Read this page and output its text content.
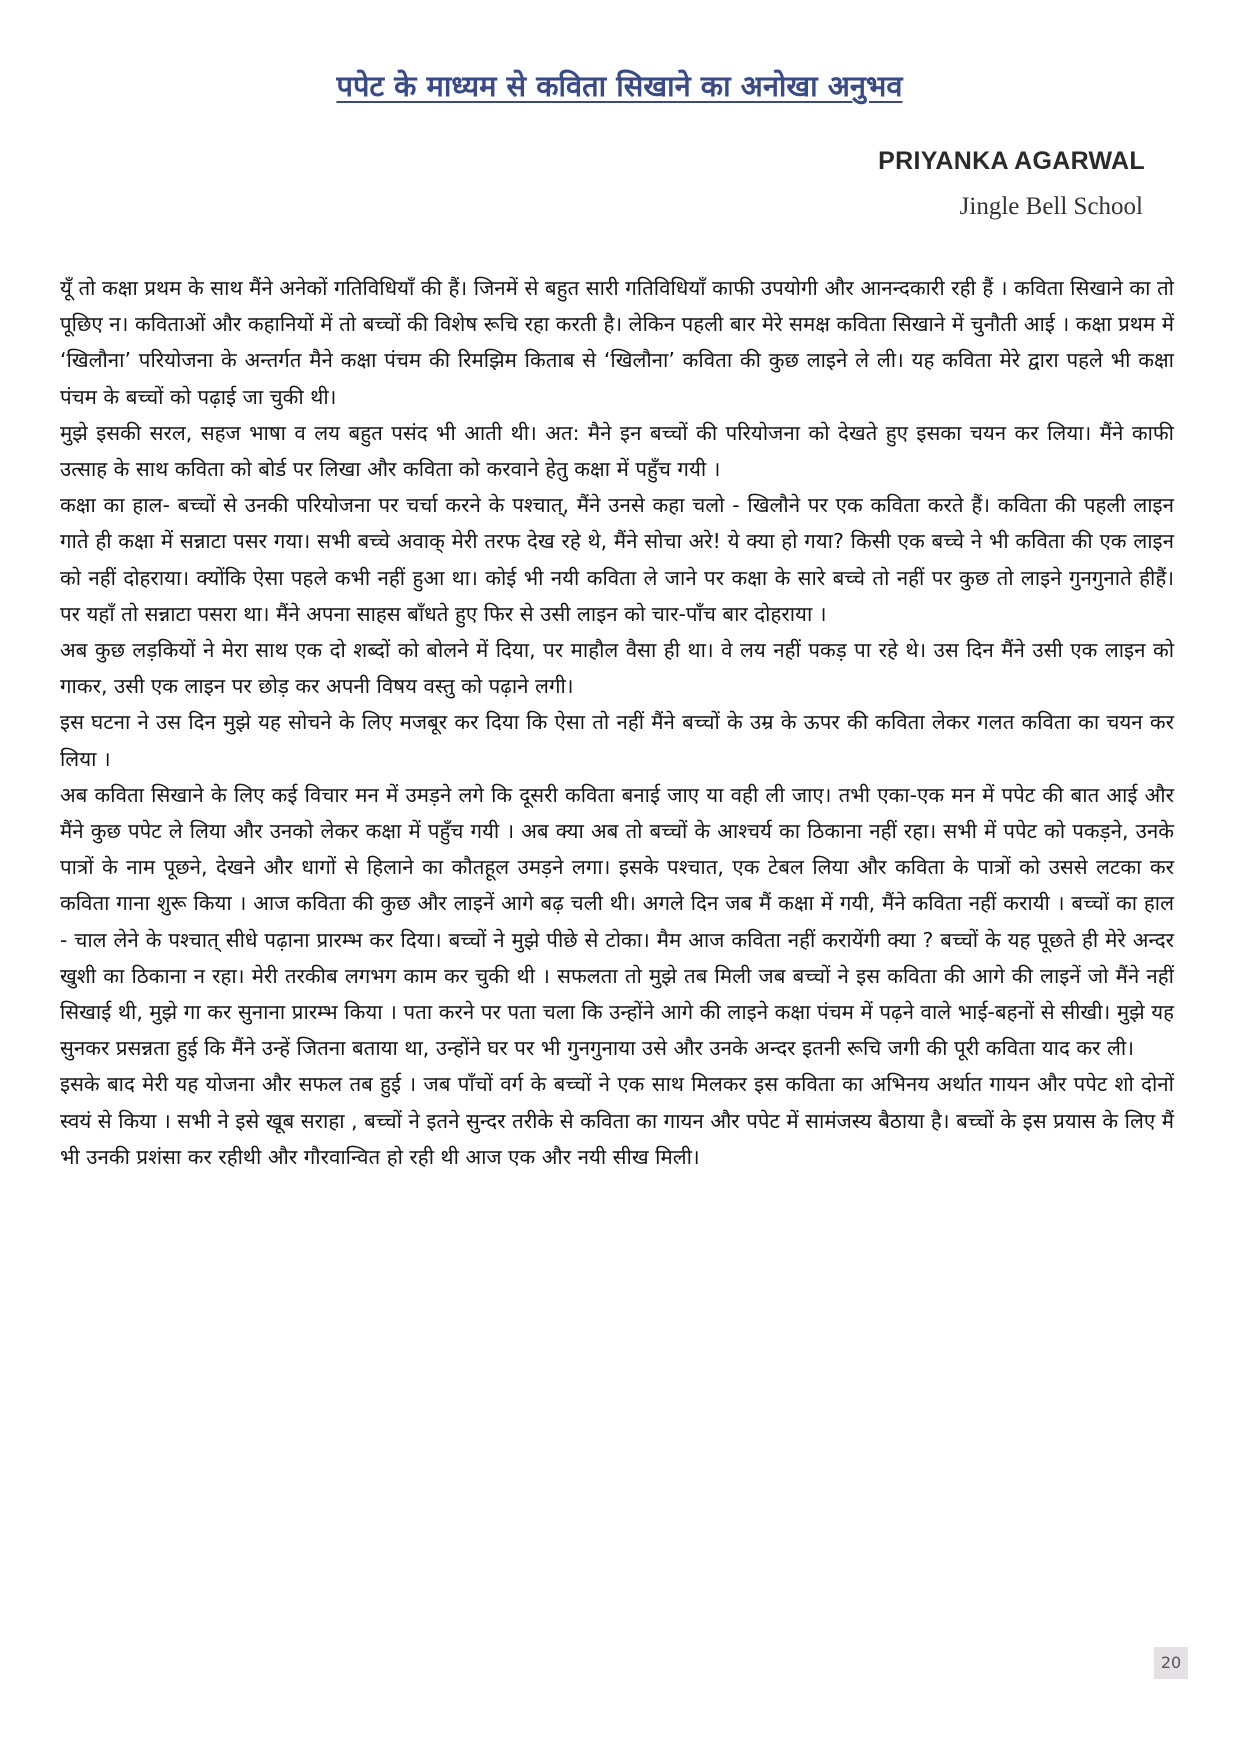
पपेट के माध्यम से कविता सिखाने का अनोखा अनुभव

PRIYANKA AGARWAL

Jingle Bell School

यूँ तो कक्षा प्रथम के साथ मैंने अनेकों गतिविधियाँ की हैं। जिनमें से बहुत सारी गतिविधियाँ काफी उपयोगी और आनन्दकारी रही हैं । कविता सिखाने का तो पूछिए न। कविताओं और कहानियों में तो बच्चों की विशेष रूचि रहा करती है। लेकिन पहली बार मेरे समक्ष कविता सिखाने में चुनौती आई । कक्षा प्रथम में ‘खिलौना’ परियोजना के अन्तर्गत मैने कक्षा पंचम की रिमझिम किताब से ‘खिलौना’ कविता की कुछ लाइने ले ली। यह कविता मेरे द्वारा पहले भी कक्षा पंचम के बच्चों को पढ़ाई जा चुकी थी।

मुझे इसकी सरल, सहज भाषा व लय बहुत पसंद भी आती थी। अत: मैने इन बच्चों की परियोजना को देखते हुए इसका चयन कर लिया। मैंने काफी उत्साह के साथ कविता को बोर्ड पर लिखा और कविता को करवाने हेतु कक्षा में पहुँच गयी ।

कक्षा का हाल- बच्चों से उनकी परियोजना पर चर्चा करने के पश्चात्, मैंने उनसे कहा चलो - खिलौने पर एक कविता करते हैं। कविता की पहली लाइन गाते ही कक्षा में सन्नाटा पसर गया। सभी बच्चे अवाक् मेरी तरफ देख रहे थे, मैंने सोचा अरे! ये क्या हो गया? किसी एक बच्चे ने भी कविता की एक लाइन को नहीं दोहराया। क्योंकि ऐसा पहले कभी नहीं हुआ था। कोई भी नयी कविता ले जाने पर कक्षा के सारे बच्चे तो नहीं पर कुछ तो लाइने गुनगुनाते हीहैं। पर यहाँ तो सन्नाटा पसरा था। मैंने अपना साहस बाँधते हुए फिर से उसी लाइन को चार-पाँच बार दोहराया ।

अब कुछ लड़कियों ने मेरा साथ एक दो शब्दों को बोलने में दिया, पर माहौल वैसा ही था। वे लय नहीं पकड़ पा रहे थे। उस दिन मैंने उसी एक लाइन को गाकर, उसी एक लाइन पर छोड़ कर अपनी विषय वस्तु को पढ़ाने लगी।

इस घटना ने उस दिन मुझे यह सोचने के लिए मजबूर कर दिया कि ऐसा तो नहीं मैंने बच्चों के उम्र के ऊपर की कविता लेकर गलत कविता का चयन कर लिया ।

अब कविता सिखाने के लिए कई विचार मन में उमड़ने लगे कि दूसरी कविता बनाई जाए या वही ली जाए। तभी एका-एक मन में पपेट की बात आई और मैंने कुछ पपेट ले लिया और उनको लेकर कक्षा में पहुँच गयी । अब क्या अब तो बच्चों के आश्चर्य का ठिकाना नहीं रहा। सभी में पपेट को पकड़ने, उनके पात्रों के नाम पूछने, देखने और धागों से हिलाने का कौतहूल उमड़ने लगा। इसके पश्चात, एक टेबल लिया और कविता के पात्रों को उससे लटका कर कविता गाना शुरू किया । आज कविता की कुछ और लाइनें आगे बढ़ चली थी। अगले दिन जब मैं कक्षा में गयी, मैंने कविता नहीं करायी । बच्चों का हाल - चाल लेने के पश्चात् सीधे पढ़ाना प्रारम्भ कर दिया। बच्चों ने मुझे पीछे से टोका। मैम आज कविता नहीं करायेंगी क्या ? बच्चों के यह पूछते ही मेरे अन्दर खुशी का ठिकाना न रहा। मेरी तरकीब लगभग काम कर चुकी थी । सफलता तो मुझे तब मिली जब बच्चों ने इस कविता की आगे की लाइनें जो मैंने नहीं सिखाई थी, मुझे गा कर सुनाना प्रारम्भ किया । पता करने पर पता चला कि उन्होंने आगे की लाइने कक्षा पंचम में पढ़ने वाले भाई-बहनों से सीखी। मुझे यह सुनकर प्रसन्नता हुई कि मैंने उन्हें जितना बताया था, उन्होंने घर पर भी गुनगुनाया उसे और उनके अन्दर इतनी रूचि जगी की पूरी कविता याद कर ली।

इसके बाद मेरी यह योजना और सफल तब हुई । जब पाँचों वर्ग के बच्चों ने एक साथ मिलकर इस कविता का अभिनय अर्थात गायन और पपेट शो दोनों स्वयं से किया । सभी ने इसे खूब सराहा , बच्चों ने इतने सुन्दर तरीके से कविता का गायन और पपेट में सामंजस्य बैठाया है। बच्चों के इस प्रयास के लिए मैं भी उनकी प्रशंसा कर रहीथी और गौरवान्वित हो रही थी आज एक और नयी सीख मिली।

20
